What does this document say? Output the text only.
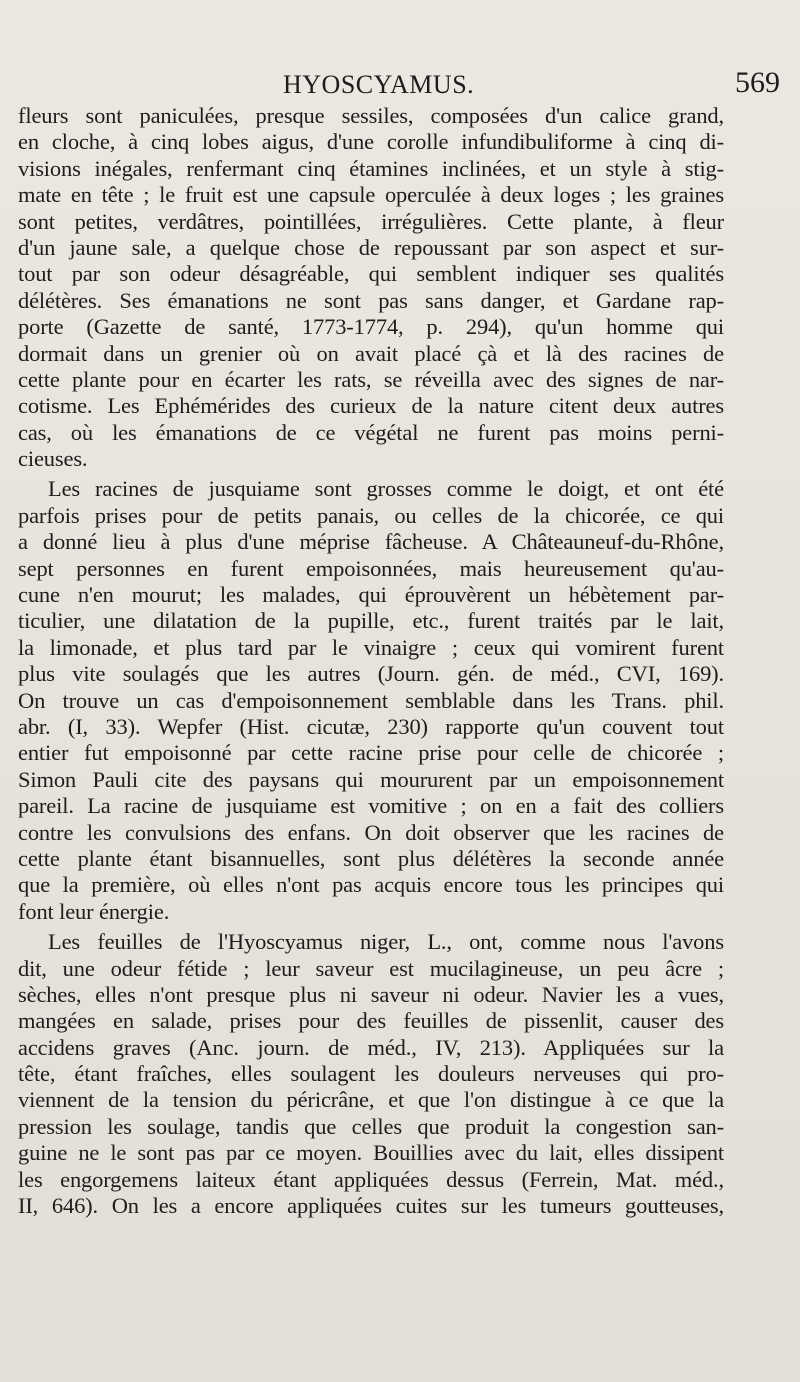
HYOSCYAMUS.	569
fleurs sont paniculées, presque sessiles, composées d'un calice grand,
en cloche, à cinq lobes aigus, d'une corolle infundibuliforme à cinq di-
visions inégales, renfermant cinq étamines inclinées, et un style à stig-
mate en tête ; le fruit est une capsule operculée à deux loges ; les graines
sont petites, verdâtres, pointillées, irrégulières. Cette plante, à fleur
d'un jaune sale, a quelque chose de repoussant par son aspect et sur-
tout par son odeur désagréable, qui semblent indiquer ses qualités
délétères. Ses émanations ne sont pas sans danger, et Gardane rap-
porte (Gazette de santé, 1773-1774, p. 294), qu'un homme qui
dormait dans un grenier où on avait placé çà et là des racines de
cette plante pour en écarter les rats, se réveilla avec des signes de nar-
cotisme. Les Ephémérides des curieux de la nature citent deux autres
cas, où les émanations de ce végétal ne furent pas moins perni-
cieuses.
Les racines de jusquiame sont grosses comme le doigt, et ont été
parfois prises pour de petits panais, ou celles de la chicorée, ce qui
a donné lieu à plus d'une méprise fâcheuse. A Châteauneuf-du-Rhône,
sept personnes en furent empoisonnées, mais heureusement qu'au-
cune n'en mourut; les malades, qui éprouvèrent un hébètement par-
ticulier, une dilatation de la pupille, etc., furent traités par le lait,
la limonade, et plus tard par le vinaigre ; ceux qui vomirent furent
plus vite soulagés que les autres (Journ. gén. de méd., CVI, 169).
On trouve un cas d'empoisonnement semblable dans les Trans. phil.
abr. (I, 33). Wepfer (Hist. cicutæ, 230) rapporte qu'un couvent tout
entier fut empoisonné par cette racine prise pour celle de chicorée ;
Simon Pauli cite des paysans qui moururent par un empoisonnement
pareil. La racine de jusquiame est vomitive ; on en a fait des colliers
contre les convulsions des enfans. On doit observer que les racines de
cette plante étant bisannuelles, sont plus délétères la seconde année
que la première, où elles n'ont pas acquis encore tous les principes qui
font leur énergie.
Les feuilles de l'Hyoscyamus niger, L., ont, comme nous l'avons
dit, une odeur fétide ; leur saveur est mucilagineuse, un peu âcre ;
sèches, elles n'ont presque plus ni saveur ni odeur. Navier les a vues,
mangées en salade, prises pour des feuilles de pissenlit, causer des
accidens graves (Anc. journ. de méd., IV, 213). Appliquées sur la
tête, étant fraîches, elles soulagent les douleurs nerveuses qui pro-
viennent de la tension du péricrâne, et que l'on distingue à ce que la
pression les soulage, tandis que celles que produit la congestion san-
guine ne le sont pas par ce moyen. Bouillies avec du lait, elles dissipent
les engorgemens laiteux étant appliquées dessus (Ferrein, Mat. méd.,
II, 646). On les a encore appliquées cuites sur les tumeurs goutteuses,
